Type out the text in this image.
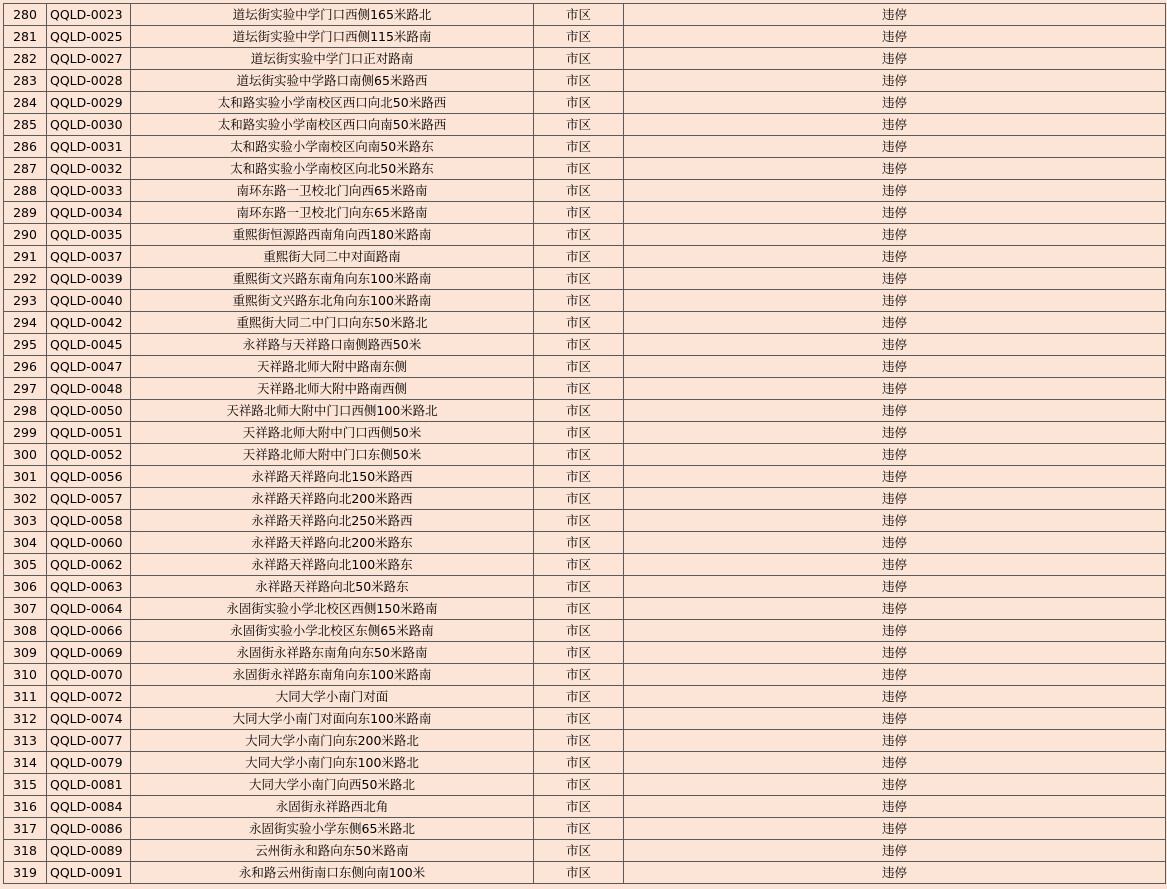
280	QQLD-0023	道坛街实验中学门口西侧165米路北	市区	违停
281	QQLD-0025	道坛街实验中学门口西侧115米路南	市区	违停
282	QQLD-0027	道坛街实验中学门口正对路南	市区	违停
283	QQLD-0028	道坛街实验中学路口南侧65米路西	市区	违停
284	QQLD-0029	太和路实验小学南校区西口向北50米路西	市区	违停
285	QQLD-0030	太和路实验小学南校区西口向南50米路西	市区	违停
286	QQLD-0031	太和路实验小学南校区向南50米路东	市区	违停
287	QQLD-0032	太和路实验小学南校区向北50米路东	市区	违停
288	QQLD-0033	南环东路一卫校北门向西65米路南	市区	违停
289	QQLD-0034	南环东路一卫校北门向东65米路南	市区	违停
290	QQLD-0035	重熙街恒源路西南角向西180米路南	市区	违停
291	QQLD-0037	重熙街大同二中对面路南	市区	违停
292	QQLD-0039	重熙街文兴路东南角向东100米路南	市区	违停
293	QQLD-0040	重熙街文兴路东北角向东100米路南	市区	违停
294	QQLD-0042	重熙街大同二中门口向东50米路北	市区	违停
295	QQLD-0045	永祥路与天祥路口南侧路西50米	市区	违停
296	QQLD-0047	天祥路北师大附中路南东侧	市区	违停
297	QQLD-0048	天祥路北师大附中路南西侧	市区	违停
298	QQLD-0050	天祥路北师大附中门口西侧100米路北	市区	违停
299	QQLD-0051	天祥路北师大附中门口西侧50米	市区	违停
300	QQLD-0052	天祥路北师大附中门口东侧50米	市区	违停
301	QQLD-0056	永祥路天祥路向北150米路西	市区	违停
302	QQLD-0057	永祥路天祥路向北200米路西	市区	违停
303	QQLD-0058	永祥路天祥路向北250米路西	市区	违停
304	QQLD-0060	永祥路天祥路向北200米路东	市区	违停
305	QQLD-0062	永祥路天祥路向北100米路东	市区	违停
306	QQLD-0063	永祥路天祥路向北50米路东	市区	违停
307	QQLD-0064	永固街实验小学北校区西侧150米路南	市区	违停
308	QQLD-0066	永固街实验小学北校区东侧65米路南	市区	违停
309	QQLD-0069	永固街永祥路东南角向东50米路南	市区	违停
310	QQLD-0070	永固街永祥路东南角向东100米路南	市区	违停
311	QQLD-0072	大同大学小南门对面	市区	违停
312	QQLD-0074	大同大学小南门对面向东100米路南	市区	违停
313	QQLD-0077	大同大学小南门向东200米路北	市区	违停
314	QQLD-0079	大同大学小南门向东100米路北	市区	违停
315	QQLD-0081	大同大学小南门向西50米路北	市区	违停
316	QQLD-0084	永固街永祥路西北角	市区	违停
317	QQLD-0086	永固街实验小学东侧65米路北	市区	违停
318	QQLD-0089	云州街永和路向东50米路南	市区	违停
319	QQLD-0091	永和路云州街南口东侧向南100米	市区	违停
